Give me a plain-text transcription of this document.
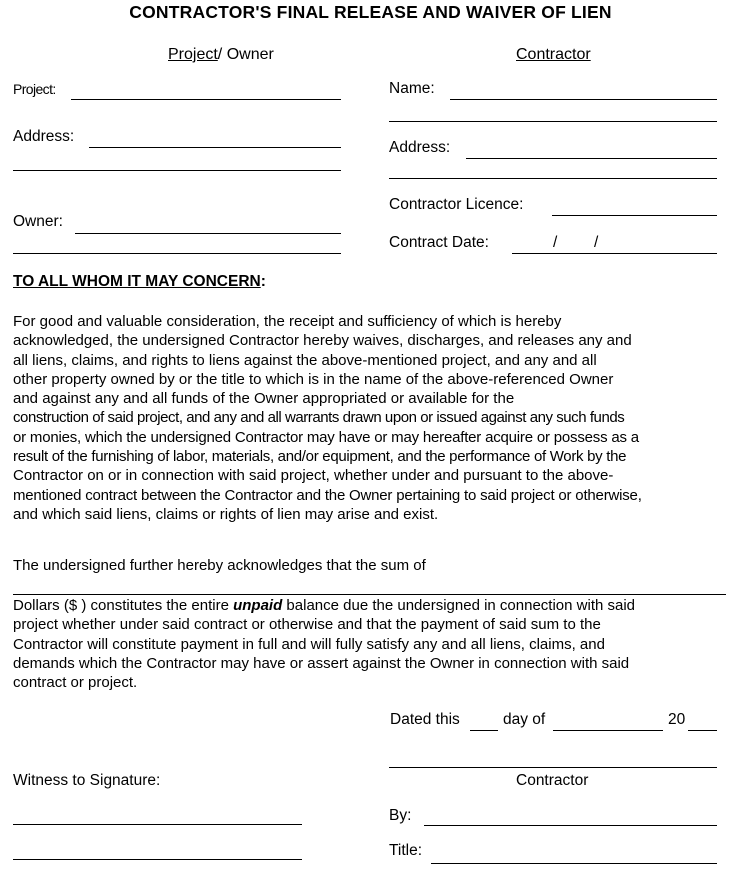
CONTRACTOR'S FINAL RELEASE AND WAIVER OF LIEN
Project/ Owner	Contractor
Project:
Address:
Owner:
Name:
Address:
Contractor Licence:
Contract Date:	/ /
TO ALL WHOM IT MAY CONCERN:
For good and valuable consideration, the receipt and sufficiency of which is hereby
acknowledged, the undersigned Contractor hereby waives, discharges, and releases any and
all liens, claims, and rights to liens against the above-mentioned project, and any and all
other property owned by or the title to which is in the name of the above-referenced Owner
and against any and all funds of the Owner appropriated or available for the
construction of said project, and any and all warrants drawn upon or issued against any such funds
or monies, which the undersigned Contractor may have or may hereafter acquire or possess as a
result of the furnishing of labor, materials, and/or equipment, and the performance of Work by the
Contractor on or in connection with said project, whether under and pursuant to the above-
mentioned contract between the Contractor and the Owner pertaining to said project or otherwise,
and which said liens, claims or rights of lien may arise and exist.
The undersigned further hereby acknowledges that the sum of
Dollars ($ ) constitutes the entire unpaid balance due the undersigned in connection with said
project whether under said contract or otherwise and that the payment of said sum to the
Contractor will constitute payment in full and will fully satisfy any and all liens, claims, and
demands which the Contractor may have or assert against the Owner in connection with said
contract or project.
Dated this	day of	20
Contractor
Witness to Signature:
By:
Title:
